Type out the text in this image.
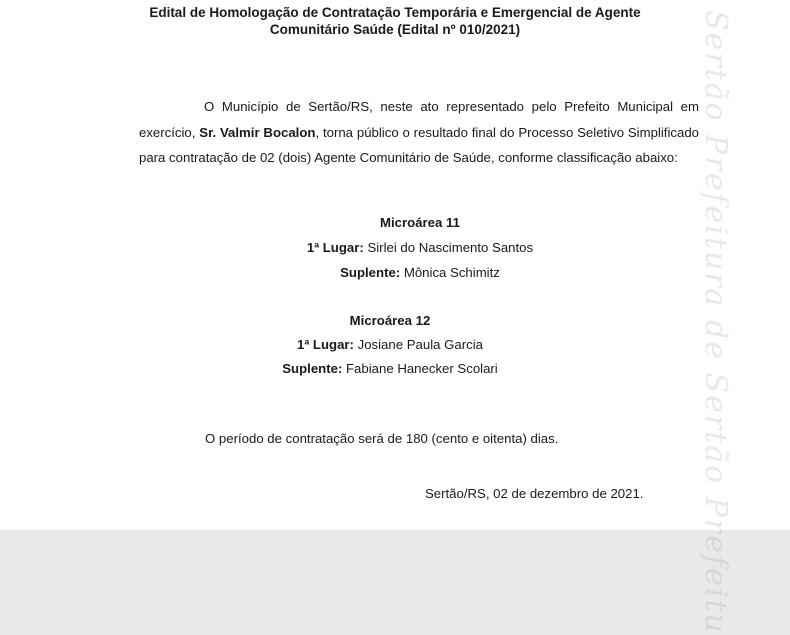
Sertão Prefeitura de Sertão Prefeitu
Edital de Homologação de Contratação Temporária e Emergencial de Agente
Comunitário Saúde (Edital nº 010/2021)
O Município de Sertão/RS, neste ato representado pelo Prefeito Municipal em exercício, Sr. Valmir Bocalon, torna público o resultado final do Processo Seletivo Simplificado para contratação de 02 (dois) Agente Comunitário de Saúde, conforme classificação abaixo:
Microárea 11
1ª Lugar: Sirlei do Nascimento Santos
Suplente: Mônica Schimitz
Microárea 12
1ª Lugar: Josiane Paula Garcia
Suplente: Fabiane Hanecker Scolari
O período de contratação será de 180 (cento e oitenta) dias.
Sertão/RS, 02 de dezembro de 2021.
